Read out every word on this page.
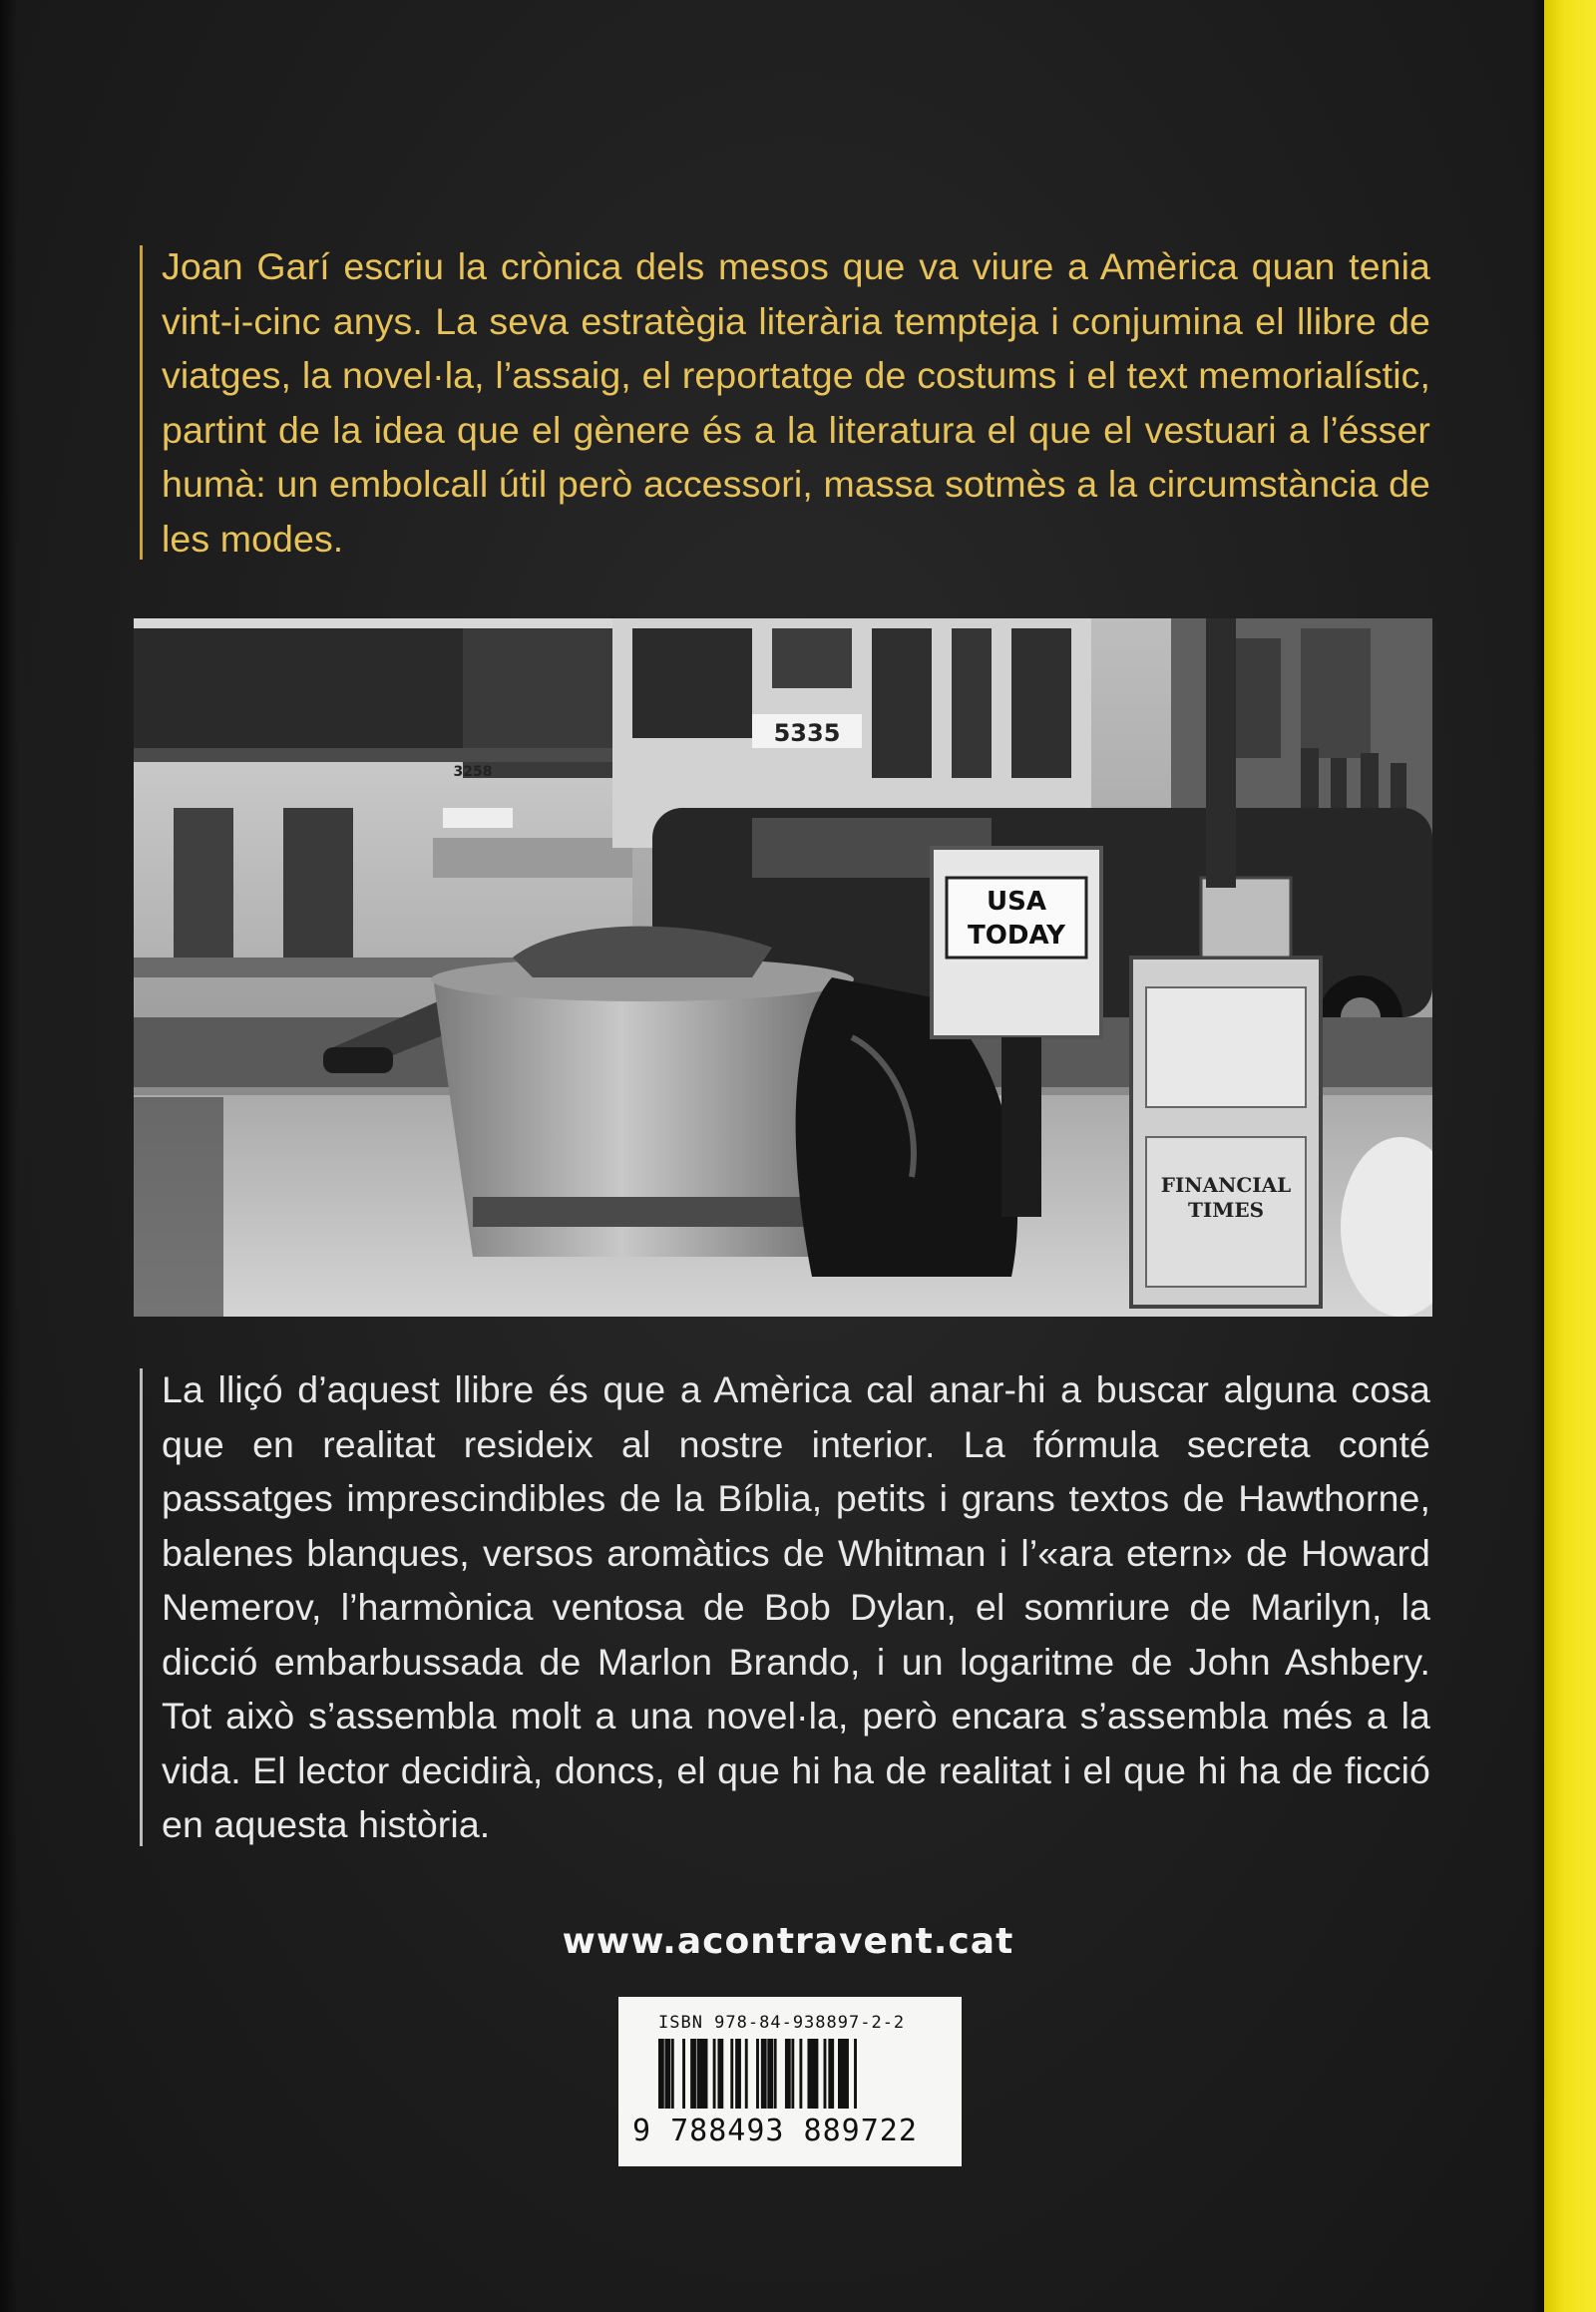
Joan Garí escriu la crònica dels mesos que va viure a Amèrica quan tenia vint-i-cinc anys. La seva estratègia literària tempteja i conjumina el llibre de viatges, la novel·la, l’assaig, el reportatge de costums i el text memorialístic, partint de la idea que el gènere és a la literatura el que el vestuari a l’ésser humà: un embolcall útil però accessori, massa sotmès a la circumstància de les modes.

5335
3258
USA
TODAY
FINANCIAL
TIMES

La lliçó d’aquest llibre és que a Amèrica cal anar-hi a buscar alguna cosa que en realitat resideix al nostre interior. La fórmula secreta conté passatges imprescindibles de la Bíblia, petits i grans textos de Hawthorne, balenes blanques, versos aromàtics de Whitman i l’«ara etern» de Howard Nemerov, l’harmònica ventosa de Bob Dylan, el somriure de Marilyn, la dicció embarbussada de Marlon Brando, i un logaritme de John Ashbery. Tot això s’assembla molt a una novel·la, però encara s’assembla més a la vida. El lector decidirà, doncs, el que hi ha de realitat i el que hi ha de ficció en aquesta història.

www.acontravent.cat
ISBN 978-84-938897-2-2
9 788493 889722
